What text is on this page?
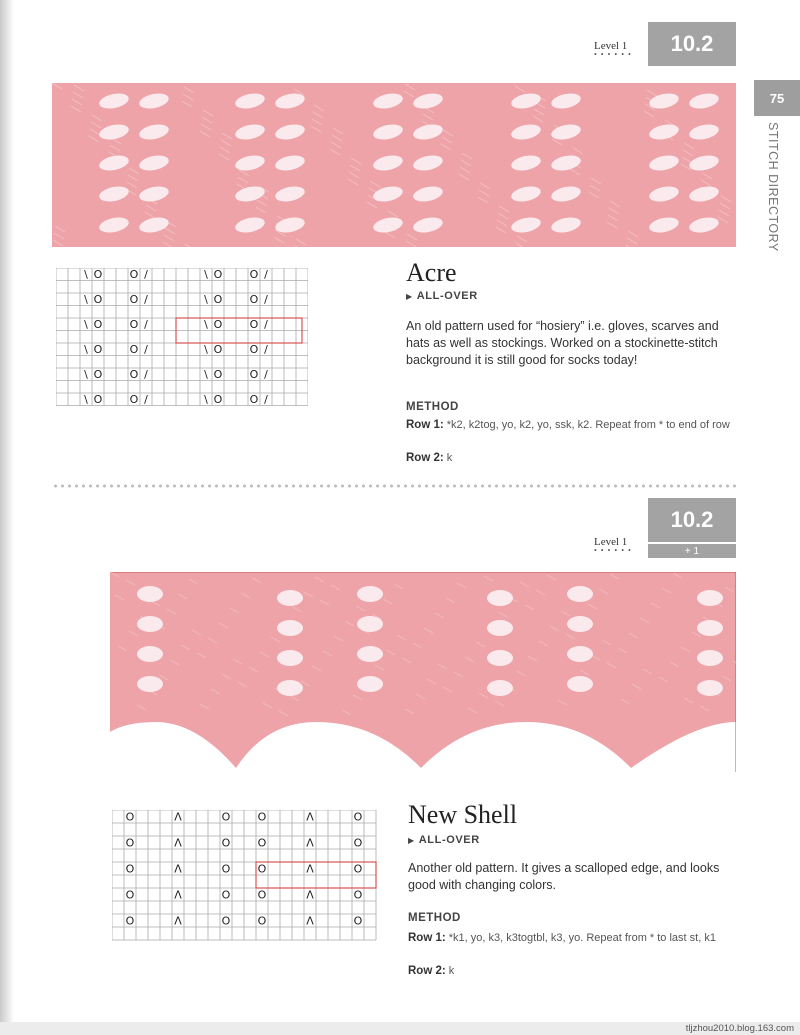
75
STITCH DIRECTORY
Level 1
• • • • • • 10.2
\ O O /	\ O O /
\ O O /	\ O O /
\ O O /	\ O O /
\ O O /	\ O O /
\ O O /	\ O O /
\ O O /	\ O O /
Acre
▶ ALL-OVER
An old pattern used for “hosiery” i.e. gloves, scarves and hats as well as stockings. Worked on a stockinette-stitch background it is still good for socks today!
METHOD
Row 1: *k2, k2tog, yo, k2, yo, ssk, k2. Repeat from * to end of row
Row 2: k
Level 1
• • • • • •
10.2
+ 1
O	Λ	O O	Λ	O
O	Λ	O O	Λ	O
O	Λ	O O	Λ	O
O	Λ	O O	Λ	O
O	Λ	O O	Λ	O
New Shell
▶ ALL-OVER
Another old pattern. It gives a scalloped edge, and looks good with changing colors.
METHOD
Row 1: *k1, yo, k3, k3togtbl, k3, yo. Repeat from * to last st, k1
Row 2: k
tljzhou2010.blog.163.com
